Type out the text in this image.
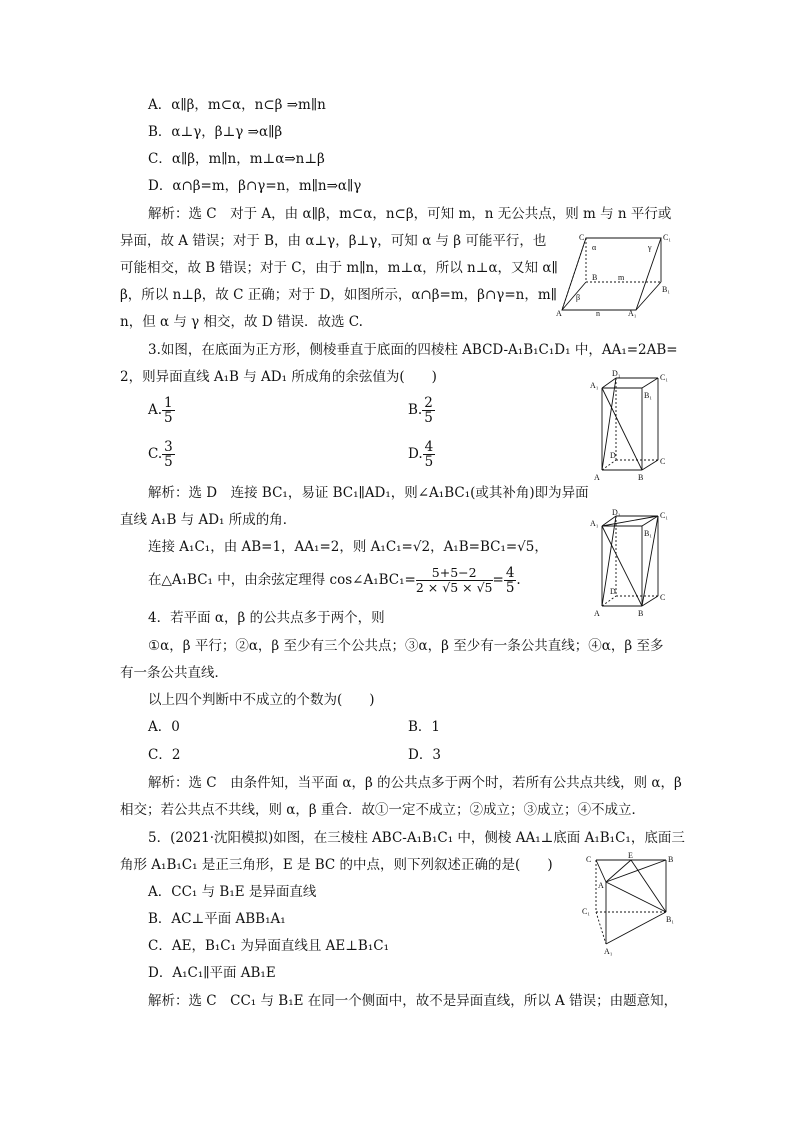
A．α∥β，m⊂α，n⊂β ⇒m∥n
B．α⊥γ，β⊥γ ⇒α∥β
C．α∥β，m∥n，m⊥α⇒n⊥β
D．α∩β=m，β∩γ=n，m∥n⇒α∥γ
解析：选 C　对于 A，由 α∥β，m⊂α，n⊂β，可知 m，n 无公共点，则 m 与 n 平行或
异面，故 A 错误；对于 B，由 α⊥γ，β⊥γ，可知 α 与 β 可能平行，也
可能相交，故 B 错误；对于 C，由于 m∥n，m⊥α，所以 n⊥α，又知 α∥
β，所以 n⊥β，故 C 正确；对于 D，如图所示，α∩β=m，β∩γ=n，m∥
n，但 α 与 γ 相交，故 D 错误．故选 C.
C	C₁
α	γ
B	m
B₁
β
A	n	A₁
3.如图，在底面为正方形，侧棱垂直于底面的四棱柱 ABCD-A₁B₁C₁D₁ 中，AA₁=2AB=
2，则异面直线 A₁B 与 AD₁ 所成角的余弦值为(　　)
A. $\frac{1}{5}$	B. $\frac{2}{5}$
C. $\frac{3}{5}$	D. $\frac{4}{5}$
D₁	C₁
A₁
B₁
D
C
A	B
解析：选 D　连接 BC₁，易证 BC₁∥AD₁，则∠A₁BC₁(或其补角)即为异面
直线 A₁B 与 AD₁ 所成的角．
连接 A₁C₁，由 AB=1，AA₁=2，则 A₁C₁=√2，A₁B=BC₁=√5，
在△A₁BC₁ 中，由余弦定理得 cos∠A₁BC₁= $\frac{5+5-2}{2 \times √5 \times √5} = \frac{4}{5}$ .
D₁	C₁
A₁
B₁
D
C
A	B
4．若平面 α，β 的公共点多于两个，则
①α，β 平行；②α，β 至少有三个公共点；③α，β 至少有一条公共直线；④α，β 至多
有一条公共直线．
以上四个判断中不成立的个数为(　　)
A．0	B．1
C．2	D．3
解析：选 C　由条件知，当平面 α，β 的公共点多于两个时，若所有公共点共线，则 α，β
相交；若公共点不共线，则 α，β 重合．故①一定不成立；②成立；③成立；④不成立．
5．(2021·沈阳模拟)如图，在三棱柱 ABC-A₁B₁C₁ 中，侧棱 AA₁⊥底面 A₁B₁C₁，底面三
角形 A₁B₁C₁ 是正三角形，E 是 BC 的中点，则下列叙述正确的是(　　)
A．CC₁ 与 B₁E 是异面直线
B．AC⊥平面 ABB₁A₁
C．AE，B₁C₁ 为异面直线且 AE⊥B₁C₁
D．A₁C₁∥平面 AB₁E
解析：选 C　CC₁ 与 B₁E 在同一个侧面中，故不是异面直线，所以 A 错误；由题意知，
C	E	B
A
C₁
B₁
A₁
